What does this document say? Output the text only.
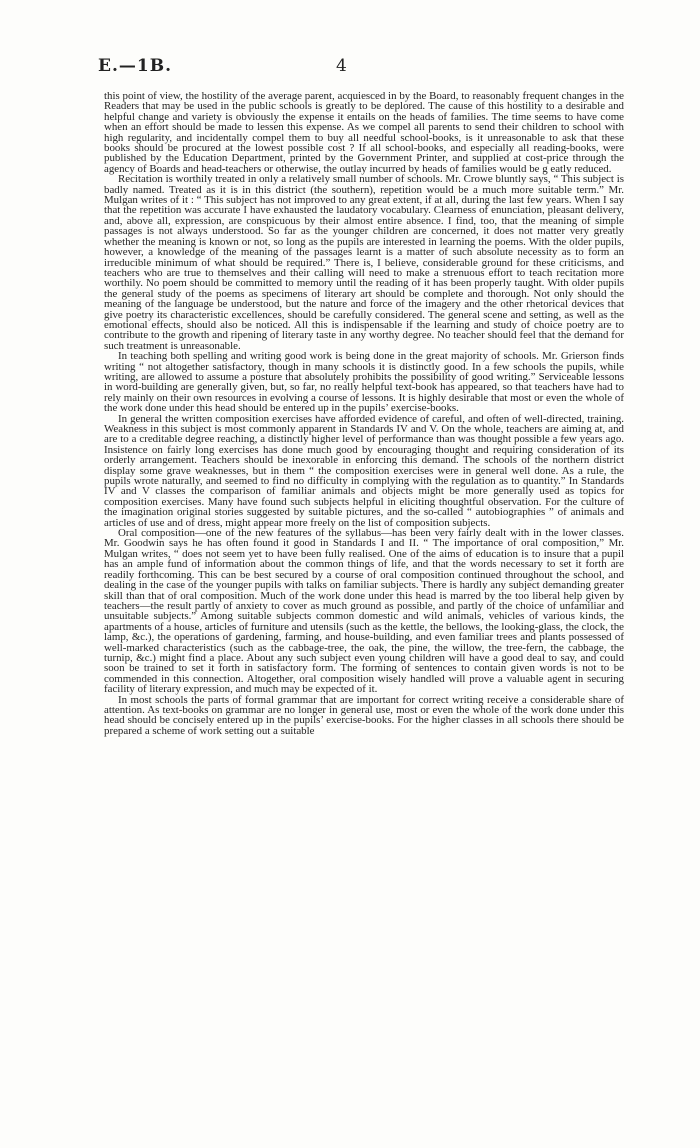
E.—1B.	4

this point of view, the hostility of the average parent, acquiesced in by the Board, to reasonably frequent changes in the Readers that may be used in the public schools is greatly to be deplored. The cause of this hostility to a desirable and helpful change and variety is obviously the expense it entails on the heads of families. The time seems to have come when an effort should be made to lessen this expense. As we compel all parents to send their children to school with high regularity, and incidentally compel them to buy all needful school-books, is it unreasonable to ask that these books should be procured at the lowest possible cost ? If all school-books, and especially all reading-books, were published by the Education Department, printed by the Government Printer, and supplied at cost-price through the agency of Boards and head-teachers or otherwise, the outlay incurred by heads of families would be g eatly reduced.

Recitation is worthily treated in only a relatively small number of schools. Mr. Crowe bluntly says, “ This subject is badly named. Treated as it is in this district (the southern), repetition would be a much more suitable term.” Mr. Mulgan writes of it : “ This subject has not improved to any great extent, if at all, during the last few years. When I say that the repetition was accurate I have exhausted the laudatory vocabulary. Clearness of enunciation, pleasant delivery, and, above all, expression, are conspicuous by their almost entire absence. I find, too, that the meaning of simple passages is not always understood. So far as the younger children are concerned, it does not matter very greatly whether the meaning is known or not, so long as the pupils are interested in learning the poems. With the older pupils, however, a knowledge of the meaning of the passages learnt is a matter of such absolute necessity as to form an irreducible minimum of what should be required.” There is, I believe, considerable ground for these criticisms, and teachers who are true to themselves and their calling will need to make a strenuous effort to teach recitation more worthily. No poem should be committed to memory until the reading of it has been properly taught. With older pupils the general study of the poems as specimens of literary art should be complete and thorough. Not only should the meaning of the language be understood, but the nature and force of the imagery and the other rhetorical devices that give poetry its characteristic excellences, should be carefully considered. The general scene and setting, as well as the emotional effects, should also be noticed. All this is indispensable if the learning and study of choice poetry are to contribute to the growth and ripening of literary taste in any worthy degree. No teacher should feel that the demand for such treatment is unreasonable.

In teaching both spelling and writing good work is being done in the great majority of schools. Mr. Grierson finds writing “ not altogether satisfactory, though in many schools it is distinctly good. In a few schools the pupils, while writing, are allowed to assume a posture that absolutely prohibits the possibility of good writing.” Serviceable lessons in word-building are generally given, but, so far, no really helpful text-book has appeared, so that teachers have had to rely mainly on their own resources in evolving a course of lessons. It is highly desirable that most or even the whole of the work done under this head should be entered up in the pupils’ exercise-books.

In general the written composition exercises have afforded evidence of careful, and often of well-directed, training. Weakness in this subject is most commonly apparent in Standards IV and V. On the whole, teachers are aiming at, and are to a creditable degree reaching, a distinctly higher level of performance than was thought possible a few years ago. Insistence on fairly long exercises has done much good by encouraging thought and requiring consideration of its orderly arrangement. Teachers should be inexorable in enforcing this demand. The schools of the northern district display some grave weaknesses, but in them “ the composition exercises were in general well done. As a rule, the pupils wrote naturally, and seemed to find no difficulty in complying with the regulation as to quantity.” In Standards IV and V classes the comparison of familiar animals and objects might be more generally used as topics for composition exercises. Many have found such subjects helpful in eliciting thoughtful observation. For the culture of the imagination original stories suggested by suitable pictures, and the so-called “ autobiographies ” of animals and articles of use and of dress, might appear more freely on the list of composition subjects.

Oral composition—one of the new features of the syllabus—has been very fairly dealt with in the lower classes. Mr. Goodwin says he has often found it good in Standards I and II. “ The importance of oral composition,” Mr. Mulgan writes, “ does not seem yet to have been fully realised. One of the aims of education is to insure that a pupil has an ample fund of information about the common things of life, and that the words necessary to set it forth are readily forthcoming. This can be best secured by a course of oral composition continued throughout the school, and dealing in the case of the younger pupils with talks on familiar subjects. There is hardly any subject demanding greater skill than that of oral composition. Much of the work done under this head is marred by the too liberal help given by teachers—the result partly of anxiety to cover as much ground as possible, and partly of the choice of unfamiliar and unsuitable subjects.” Among suitable subjects common domestic and wild animals, vehicles of various kinds, the apartments of a house, articles of furniture and utensils (such as the kettle, the bellows, the looking-glass, the clock, the lamp, &c.), the operations of gardening, farming, and house-building, and even familiar trees and plants possessed of well-marked characteristics (such as the cabbage-tree, the oak, the pine, the willow, the tree-fern, the cabbage, the turnip, &c.) might find a place. About any such subject even young children will have a good deal to say, and could soon be trained to set it forth in satisfactory form. The forming of sentences to contain given words is not to be commended in this connection. Altogether, oral composition wisely handled will prove a valuable agent in securing facility of literary expression, and much may be expected of it.

In most schools the parts of formal grammar that are important for correct writing receive a considerable share of attention. As text-books on grammar are no longer in general use, most or even the whole of the work done under this head should be concisely entered up in the pupils’ exercise-books. For the higher classes in all schools there should be prepared a scheme of work setting out a suitable
